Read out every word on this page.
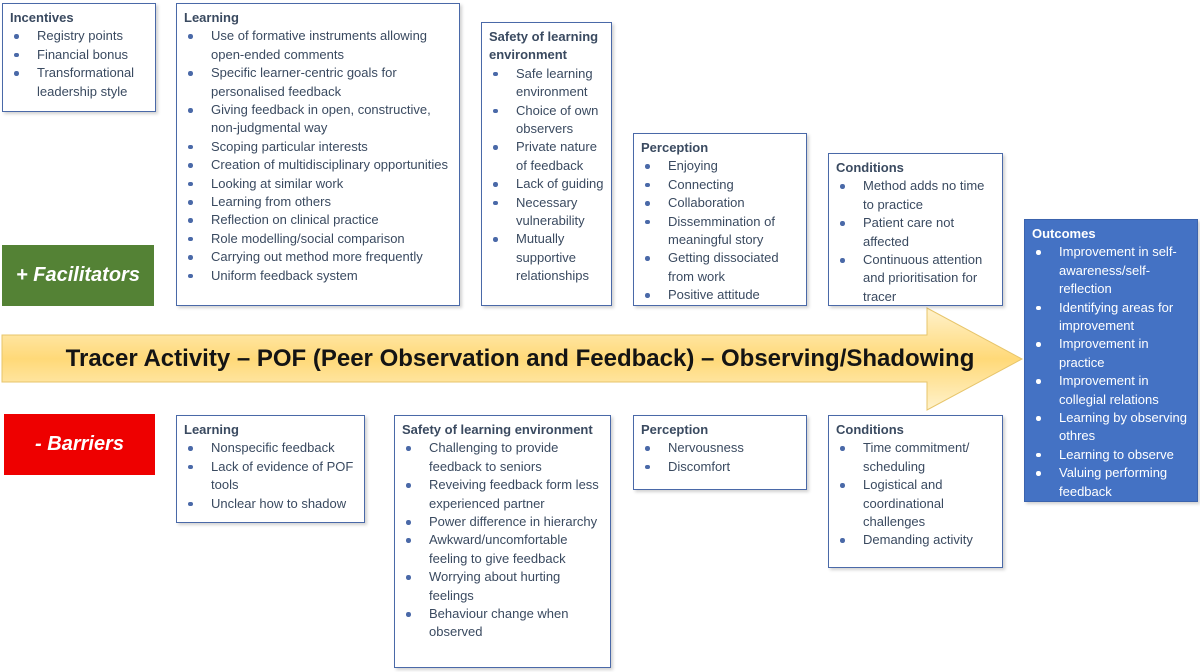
Tracer Activity – POF (Peer Observation and Feedback) – Observing/Shadowing
+ Facilitators
- Barriers
Incentives
Registry points
Financial bonus
Transformational leadership style
Learning
Use of formative instruments allowing open-ended comments
Specific learner-centric goals for personalised feedback
Giving feedback in open, constructive, non-judgmental way
Scoping particular interests
Creation of multidisciplinary opportunities
Looking at similar work
Learning from others
Reflection on clinical practice
Role modelling/social comparison
Carrying out method more frequently
Uniform feedback system
Safety of learning environment
Safe learning environment
Choice of own observers
Private nature of feedback
Lack of guiding
Necessary vulnerability
Mutually supportive relationships
Perception
Enjoying
Connecting
Collaboration
Dissemmination of meaningful story
Getting dissociated from work
Positive attitude
Conditions
Method adds no time to practice
Patient care not affected
Continuous attention and prioritisation for tracer
Outcomes
Improvement in self-awareness/self-reflection
Identifying areas for improvement
Improvement in practice
Improvement in collegial relations
Learning by observing othres
Learning to observe
Valuing performing feedback
Learning
Nonspecific feedback
Lack of evidence of POF tools
Unclear how to shadow
Safety of learning environment
Challenging to provide feedback to seniors
Reveiving feedback form less experienced partner
Power difference in hierarchy
Awkward/uncomfortable feeling to give feedback
Worrying about hurting feelings
Behaviour change when observed
Perception
Nervousness
Discomfort
Conditions
Time commitment/ scheduling
Logistical and coordinational challenges
Demanding activity
